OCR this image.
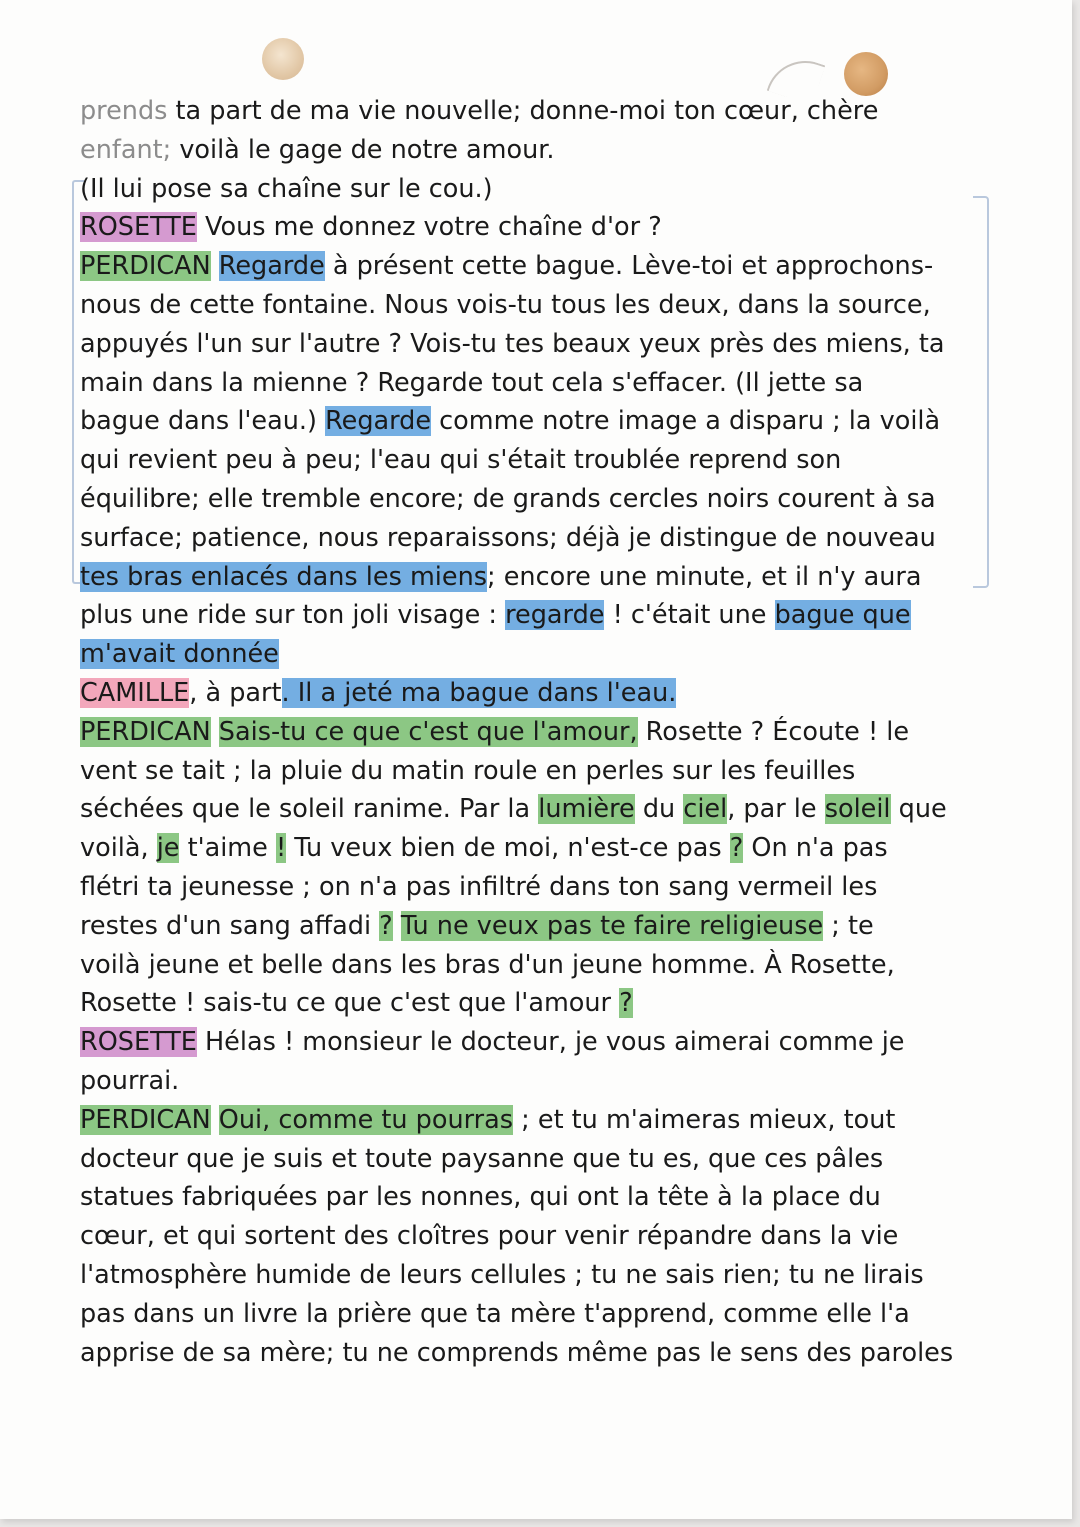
prends ta part de ma vie nouvelle; donne-moi ton cœur, chère
enfant; voilà le gage de notre amour.
(Il lui pose sa chaîne sur le cou.)
ROSETTE Vous me donnez votre chaîne d'or ?
PERDICAN Regarde à présent cette bague. Lève-toi et approchons-
nous de cette fontaine. Nous vois-tu tous les deux, dans la source,
appuyés l'un sur l'autre ? Vois-tu tes beaux yeux près des miens, ta
main dans la mienne ? Regarde tout cela s'effacer. (Il jette sa
bague dans l'eau.) Regarde comme notre image a disparu ; la voilà
qui revient peu à peu; l'eau qui s'était troublée reprend son
équilibre; elle tremble encore; de grands cercles noirs courent à sa
surface; patience, nous reparaissons; déjà je distingue de nouveau
tes bras enlacés dans les miens; encore une minute, et il n'y aura
plus une ride sur ton joli visage : regarde ! c'était une bague que
m'avait donnée
CAMILLE, à part. Il a jeté ma bague dans l'eau.
PERDICAN Sais-tu ce que c'est que l'amour, Rosette ? Écoute ! le
vent se tait ; la pluie du matin roule en perles sur les feuilles
séchées que le soleil ranime. Par la lumière du ciel, par le soleil que
voilà, je t'aime ! Tu veux bien de moi, n'est-ce pas ? On n'a pas
flétri ta jeunesse ; on n'a pas infiltré dans ton sang vermeil les
restes d'un sang affadi ? Tu ne veux pas te faire religieuse ; te
voilà jeune et belle dans les bras d'un jeune homme. À Rosette,
Rosette ! sais-tu ce que c'est que l'amour ?
ROSETTE Hélas ! monsieur le docteur, je vous aimerai comme je
pourrai.
PERDICAN Oui, comme tu pourras ; et tu m'aimeras mieux, tout
docteur que je suis et toute paysanne que tu es, que ces pâles
statues fabriquées par les nonnes, qui ont la tête à la place du
cœur, et qui sortent des cloîtres pour venir répandre dans la vie
l'atmosphère humide de leurs cellules ; tu ne sais rien; tu ne lirais
pas dans un livre la prière que ta mère t'apprend, comme elle l'a
apprise de sa mère; tu ne comprends même pas le sens des paroles
